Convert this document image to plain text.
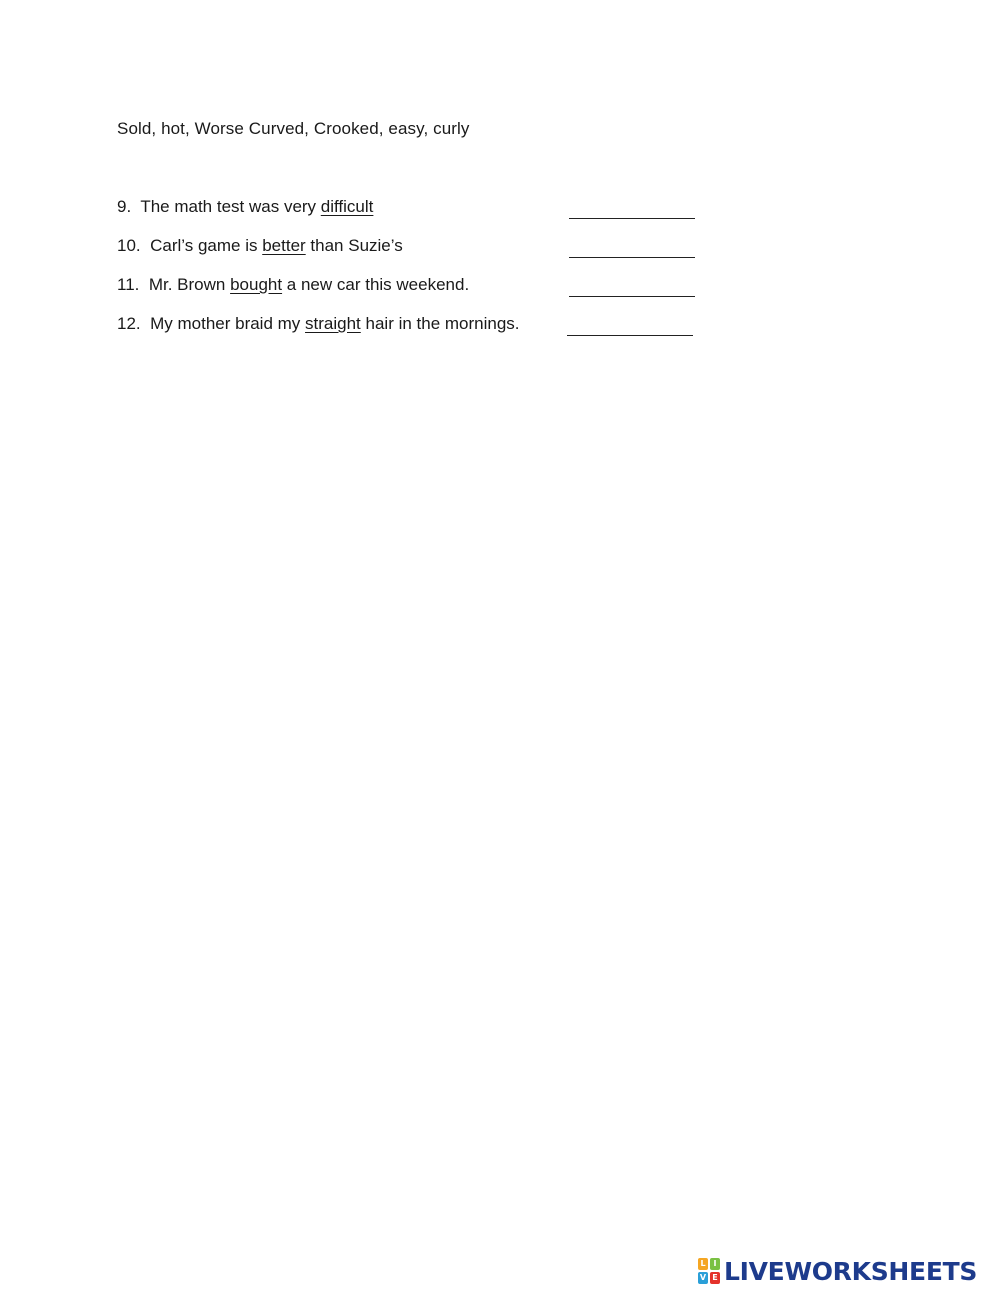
Sold, hot, Worse Curved, Crooked, easy, curly
9. The math test was very difficult
10. Carl’s game is better than Suzie’s
11.  Mr. Brown bought a new car this weekend.
12. My mother braid my straight hair in the mornings.
L I
V E LIVEWORKSHEETS
